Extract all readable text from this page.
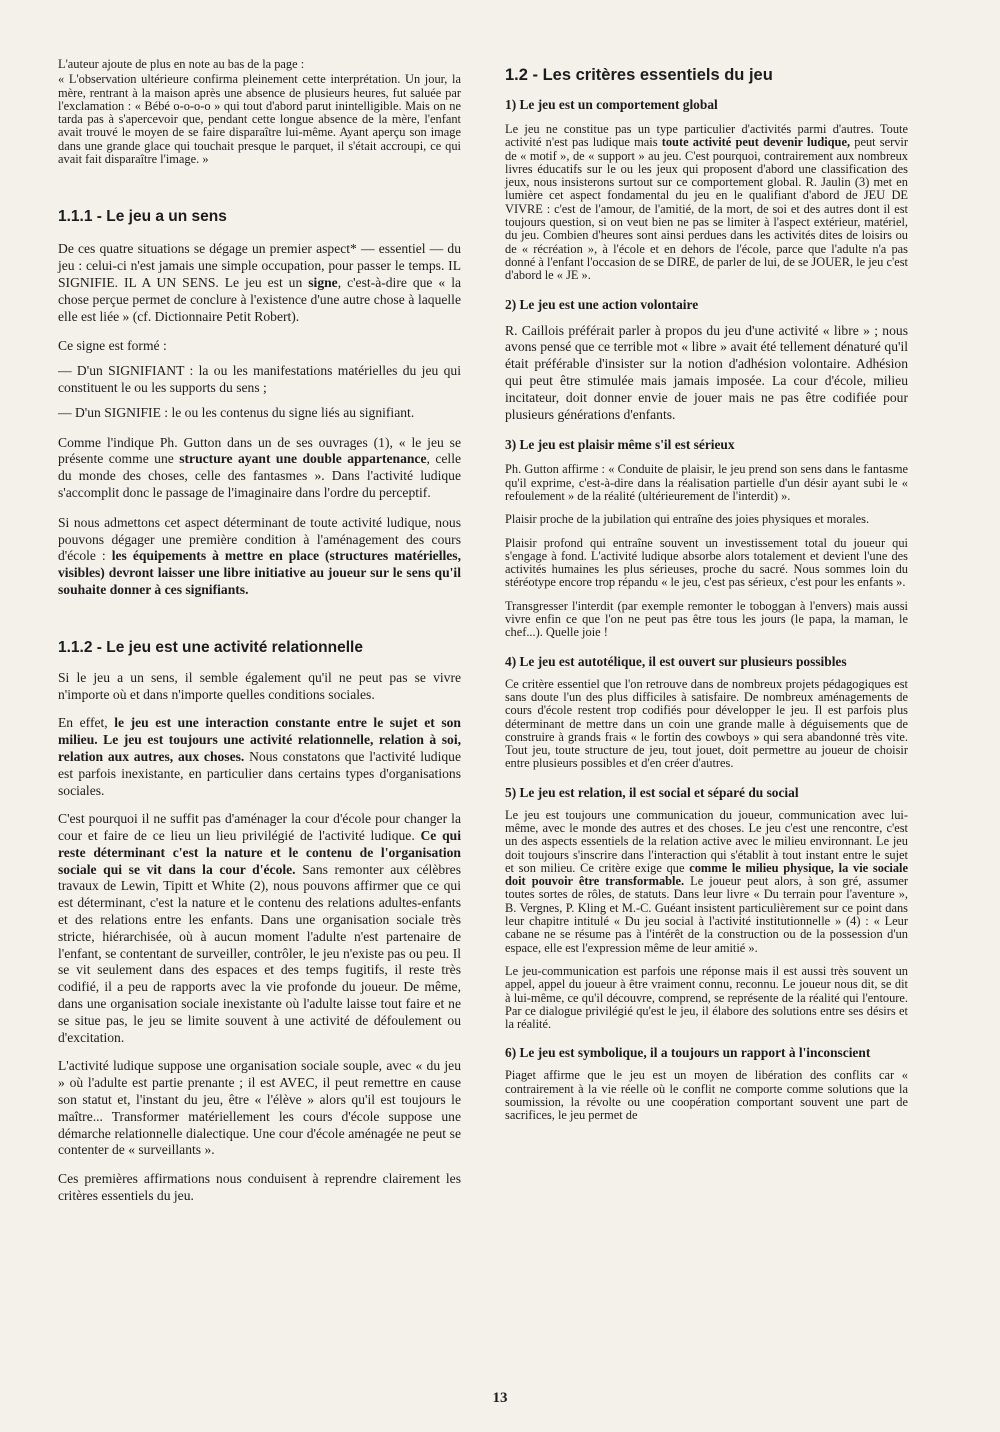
L'auteur ajoute de plus en note au bas de la page :

« L'observation ultérieure confirma pleinement cette interprétation. Un jour, la mère, rentrant à la maison après une absence de plusieurs heures, fut saluée par l'exclamation : « Bébé o-o-o-o » qui tout d'abord parut inintelligible. Mais on ne tarda pas à s'apercevoir que, pendant cette longue absence de la mère, l'enfant avait trouvé le moyen de se faire disparaître lui-même. Ayant aperçu son image dans une grande glace qui touchait presque le parquet, il s'était accroupi, ce qui avait fait disparaître l'image. »

1.1.1 - Le jeu a un sens

De ces quatre situations se dégage un premier aspect* — essentiel — du jeu : celui-ci n'est jamais une simple occupation, pour passer le temps. IL SIGNIFIE. IL A UN SENS. Le jeu est un signe, c'est-à-dire que « la chose perçue permet de conclure à l'existence d'une autre chose à laquelle elle est liée » (cf. Dictionnaire Petit Robert).

Ce signe est formé :

— D'un SIGNIFIANT : la ou les manifestations matérielles du jeu qui constituent le ou les supports du sens ;

— D'un SIGNIFIE : le ou les contenus du signe liés au signifiant.

Comme l'indique Ph. Gutton dans un de ses ouvrages (1), « le jeu se présente comme une structure ayant une double appartenance, celle du monde des choses, celle des fantasmes ». Dans l'activité ludique s'accomplit donc le passage de l'imaginaire dans l'ordre du perceptif.

Si nous admettons cet aspect déterminant de toute activité ludique, nous pouvons dégager une première condition à l'aménagement des cours d'école : les équipements à mettre en place (structures matérielles, visibles) devront laisser une libre initiative au joueur sur le sens qu'il souhaite donner à ces signifiants.

1.1.2 - Le jeu est une activité relationnelle

Si le jeu a un sens, il semble également qu'il ne peut pas se vivre n'importe où et dans n'importe quelles conditions sociales.

En effet, le jeu est une interaction constante entre le sujet et son milieu. Le jeu est toujours une activité relationnelle, relation à soi, relation aux autres, aux choses. Nous constatons que l'activité ludique est parfois inexistante, en particulier dans certains types d'organisations sociales.

C'est pourquoi il ne suffit pas d'aménager la cour d'école pour changer la cour et faire de ce lieu un lieu privilégié de l'activité ludique. Ce qui reste déterminant c'est la nature et le contenu de l'organisation sociale qui se vit dans la cour d'école. Sans remonter aux célèbres travaux de Lewin, Tipitt et White (2), nous pouvons affirmer que ce qui est déterminant, c'est la nature et le contenu des relations adultes-enfants et des relations entre les enfants. Dans une organisation sociale très stricte, hiérarchisée, où à aucun moment l'adulte n'est partenaire de l'enfant, se contentant de surveiller, contrôler, le jeu n'existe pas ou peu. Il se vit seulement dans des espaces et des temps fugitifs, il reste très codifié, il a peu de rapports avec la vie profonde du joueur. De même, dans une organisation sociale inexistante où l'adulte laisse tout faire et ne se situe pas, le jeu se limite souvent à une activité de défoulement ou d'excitation.

L'activité ludique suppose une organisation sociale souple, avec « du jeu » où l'adulte est partie prenante ; il est AVEC, il peut remettre en cause son statut et, l'instant du jeu, être « l'élève » alors qu'il est toujours le maître... Transformer matériellement les cours d'école suppose une démarche relationnelle dialectique. Une cour d'école aménagée ne peut se contenter de « surveillants ».

Ces premières affirmations nous conduisent à reprendre clairement les critères essentiels du jeu.

1.2 - Les critères essentiels du jeu
1) Le jeu est un comportement global

Le jeu ne constitue pas un type particulier d'activités parmi d'autres. Toute activité n'est pas ludique mais toute activité peut devenir ludique, peut servir de « motif », de « support » au jeu. C'est pourquoi, contrairement aux nombreux livres éducatifs sur le ou les jeux qui proposent d'abord une classification des jeux, nous insisterons surtout sur ce comportement global. R. Jaulin (3) met en lumière cet aspect fondamental du jeu en le qualifiant d'abord de JEU DE VIVRE : c'est de l'amour, de l'amitié, de la mort, de soi et des autres dont il est toujours question, si on veut bien ne pas se limiter à l'aspect extérieur, matériel, du jeu. Combien d'heures sont ainsi perdues dans les activités dites de loisirs ou de « récréation », à l'école et en dehors de l'école, parce que l'adulte n'a pas donné à l'enfant l'occasion de se DIRE, de parler de lui, de se JOUER, le jeu c'est d'abord le « JE ».

2) Le jeu est une action volontaire

R. Caillois préférait parler à propos du jeu d'une activité « libre » ; nous avons pensé que ce terrible mot « libre » avait été tellement dénaturé qu'il était préférable d'insister sur la notion d'adhésion volontaire. Adhésion qui peut être stimulée mais jamais imposée. La cour d'école, milieu incitateur, doit donner envie de jouer mais ne pas être codifiée pour plusieurs générations d'enfants.

3) Le jeu est plaisir même s'il est sérieux

Ph. Gutton affirme : « Conduite de plaisir, le jeu prend son sens dans le fantasme qu'il exprime, c'est-à-dire dans la réalisation partielle d'un désir ayant subi le « refoulement » de la réalité (ultérieurement de l'interdit) ».

Plaisir proche de la jubilation qui entraîne des joies physiques et morales.

Plaisir profond qui entraîne souvent un investissement total du joueur qui s'engage à fond. L'activité ludique absorbe alors totalement et devient l'une des activités humaines les plus sérieuses, proche du sacré. Nous sommes loin du stéréotype encore trop répandu « le jeu, c'est pas sérieux, c'est pour les enfants ».

Transgresser l'interdit (par exemple remonter le toboggan à l'envers) mais aussi vivre enfin ce que l'on ne peut pas être tous les jours (le papa, la maman, le chef...). Quelle joie !

4) Le jeu est autotélique, il est ouvert sur plusieurs possibles

Ce critère essentiel que l'on retrouve dans de nombreux projets pédagogiques est sans doute l'un des plus difficiles à satisfaire. De nombreux aménagements de cours d'école restent trop codifiés pour développer le jeu. Il est parfois plus déterminant de mettre dans un coin une grande malle à déguisements que de construire à grands frais « le fortin des cowboys » qui sera abandonné très vite. Tout jeu, toute structure de jeu, tout jouet, doit permettre au joueur de choisir entre plusieurs possibles et d'en créer d'autres.

5) Le jeu est relation, il est social et séparé du social

Le jeu est toujours une communication du joueur, communication avec lui-même, avec le monde des autres et des choses. Le jeu c'est une rencontre, c'est un des aspects essentiels de la relation active avec le milieu environnant. Le jeu doit toujours s'inscrire dans l'interaction qui s'établit à tout instant entre le sujet et son milieu. Ce critère exige que comme le milieu physique, la vie sociale doit pouvoir être transformable. Le joueur peut alors, à son gré, assumer toutes sortes de rôles, de statuts. Dans leur livre « Du terrain pour l'aventure », B. Vergnes, P. Kling et M.-C. Guéant insistent particulièrement sur ce point dans leur chapitre intitulé « Du jeu social à l'activité institutionnelle » (4) : « Leur cabane ne se résume pas à l'intérêt de la construction ou de la possession d'un espace, elle est l'expression même de leur amitié ».

Le jeu-communication est parfois une réponse mais il est aussi très souvent un appel, appel du joueur à être vraiment connu, reconnu. Le joueur nous dit, se dit à lui-même, ce qu'il découvre, comprend, se représente de la réalité qui l'entoure. Par ce dialogue privilégié qu'est le jeu, il élabore des solutions entre ses désirs et la réalité.

6) Le jeu est symbolique, il a toujours un rapport à l'inconscient

Piaget affirme que le jeu est un moyen de libération des conflits car « contrairement à la vie réelle où le conflit ne comporte comme solutions que la soumission, la révolte ou une coopération comportant souvent une part de sacrifices, le jeu permet de

13
